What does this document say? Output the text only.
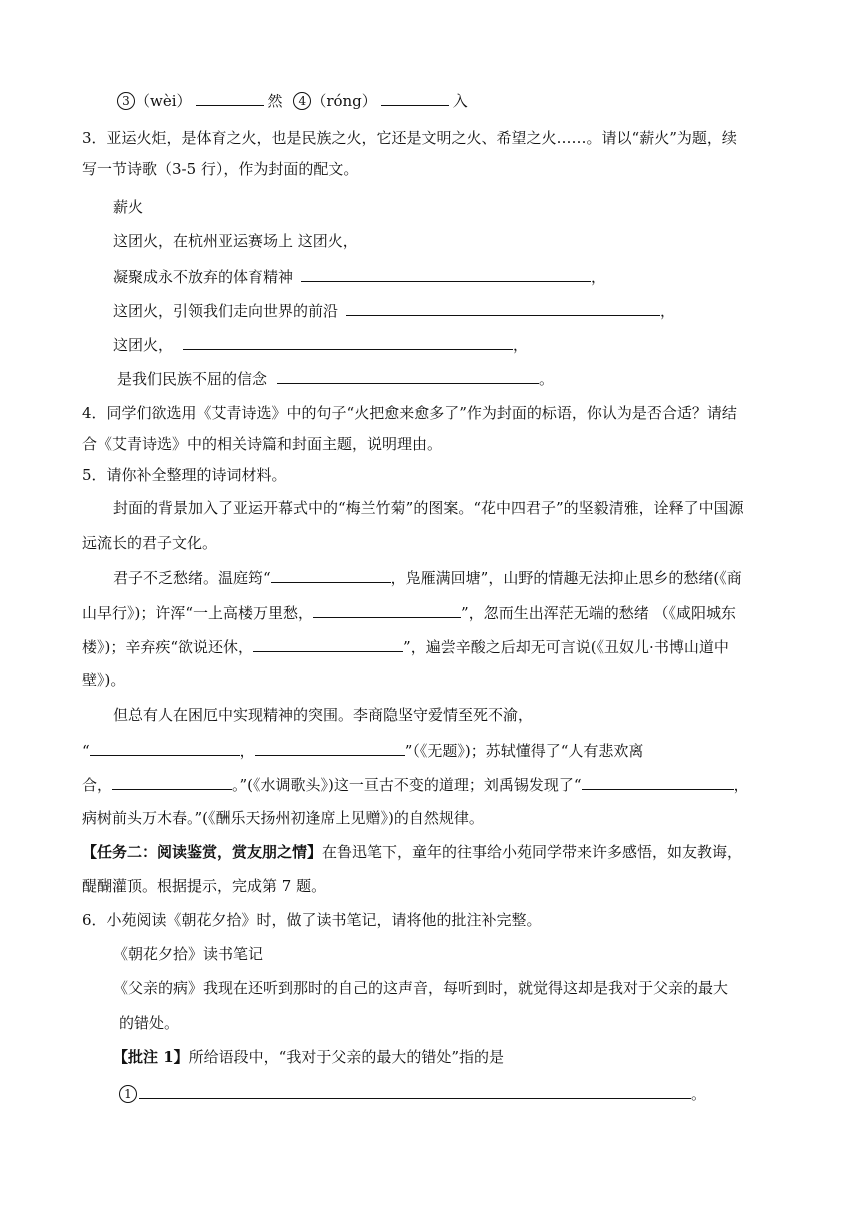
3 （wèi）	然 4 （róng）	入
3．亚运火炬，是体育之火，也是民族之火，它还是文明之火、希望之火……。请以“薪火”为题，续
写一节诗歌（3-5 行），作为封面的配文。
薪火
这团火，在杭州亚运赛场上 这团火，
凝聚成永不放弃的体育精神	，
这团火，引领我们走向世界的前沿	，
这团火，	，
是我们民族不屈的信念	。
4．同学们欲选用《艾青诗选》中的句子“火把愈来愈多了”作为封面的标语，你认为是否合适？请结
合《艾青诗选》中的相关诗篇和封面主题，说明理由。
5．请你补全整理的诗词材料。
封面的背景加入了亚运开幕式中的“梅兰竹菊”的图案。“花中四君子”的坚毅清雅，诠释了中国源
远流长的君子文化。
君子不乏愁绪。温庭筠“	，凫雁满回塘”，山野的情趣无法抑止思乡的愁绪(《商
山早行》)；许浑“一上高楼万里愁，	”，忽而生出浑茫无端的愁绪 （《咸阳城东
楼》)；辛弃疾“欲说还休，	”，遍尝辛酸之后却无可言说(《丑奴儿·书博山道中
壁》)。
但总有人在困厄中实现精神的突围。李商隐坚守爱情至死不渝，
“	，	”（《无题》)；苏轼懂得了“人有悲欢离
合，	。”(《水调歌头》)这一亘古不变的道理；刘禹锡发现了“	，
病树前头万木春。”(《酬乐天扬州初逢席上见赠》)的自然规律。
【任务二：阅读鉴赏，赏友朋之情】在鲁迅笔下，童年的往事给小苑同学带来许多感悟，如友教诲，
醍醐灌顶。根据提示，完成第 7 题。
6．小苑阅读《朝花夕拾》时，做了读书笔记，请将他的批注补完整。
《朝花夕拾》读书笔记
《父亲的病》我现在还听到那时的自己的这声音，每听到时，就觉得这却是我对于父亲的最大
的错处。
【批注 1】所给语段中，“我对于父亲的最大的错处”指的是
1	。
